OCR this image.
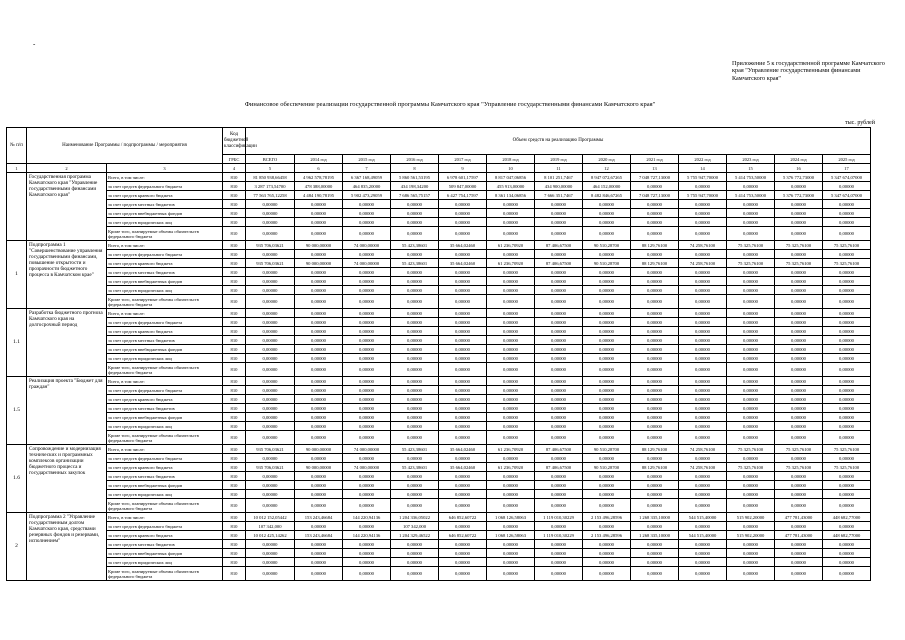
-
Приложение 5 к государственной программе Камчатского края "Управление государственными финансами Камчатского края"
Финансовое обеспечение реализации государственной программы Камчатского края "Управление государственными финансами Камчатского края"
тыс. рублей
№ п/п	Наименование Программы / подпрограммы / мероприятия		Код бюджетной классификации	Объем средств на реализацию Программы												
			ГРБС	ВСЕГО	2014 год	2015 год	2016 год	2017 год	2018 год	2019 год	2020 год	2021 год	2022 год	2023 год	2024 год	2025 год
1	2	3	4	5	6	7	8	9	10	11	12	13	14	15	16	17
	Государственная программа Камчатского края "Управление государственными финансами Камчатского края"	Всего, в том числе:	810	81 850 938,66458	4 962 578,78195	6 367 168,49059	5 860 561,53195	6 978 601,17597	8 817 047,06856	8 101 251,7467	8 947 072,67265	7 048 727,13000	5 755 947,70000	5 414 753,50000	5 376 772,73000	5 347 674,07000
		за счет средств федерального бюджета	810	3 287 173,54700	478 388,00000	464 835,20000	434 198,34200	509 847,00000	455 913,00000	434 900,00000	464 152,00000	0,00000	0,00000	0,00000	0,00000	0,00000
		за счет средств краевого бюджета	810	77 563 765,12258	4 484 190,78195	5 902 473,29059	7 686 565,75157	6 427 754,17597	8 361 134,06856	7 666 351,7467	8 482 846,67265	7 048 727,13000	5 755 947,70000	5 414 753,50000	5 376 772,73000	5 347 674,07000
		за счет средств местных бюджетов	810	0,00000	0,00000	0,00000	0,00000	0,00000	0,00000	0,00000	0,00000	0,00000	0,00000	0,00000	0,00000	0,00000
		за счет средств внебюджетных фондов	810	0,00000	0,00000	0,00000	0,00000	0,00000	0,00000	0,00000	0,00000	0,00000	0,00000	0,00000	0,00000	0,00000
		за счет средств юридических лиц	810	0,00000	0,00000	0,00000	0,00000	0,00000	0,00000	0,00000	0,00000	0,00000	0,00000	0,00000	0,00000	0,00000
		Кроме того, планируемые объемы обязательств федерального бюджета	810	0,00000	0,00000	0,00000	0,00000	0,00000	0,00000	0,00000	0,00000	0,00000	0,00000	0,00000	0,00000	0,00000
1	Подпрограмма 1 "Совершенствование управления государственными финансами, повышение открытости и прозрачности бюджетного процесса в Камчатском крае"	Всего, в том числе:	810	935 706,03621	90 000,00000	74 000,00000	55 423,38601	35 664,02460	61 236,70920	87 406,67500	90 510,28700	88 129,76100	74 258,76100	75 325,76100	75 325,76100	75 325,76100
		за счет средств федерального бюджета	810	0,00000	0,00000	0,00000	0,00000	0,00000	0,00000	0,00000	0,00000	0,00000	0,00000	0,00000	0,00000	0,00000
		за счет средств краевого бюджета	810	935 706,03621	90 000,00000	74 000,00000	55 423,38601	35 664,02460	61 236,70920	87 406,67500	90 510,28700	88 129,76100	74 258,76100	75 325,76100	75 325,76100	75 325,76100
		за счет средств местных бюджетов	810	0,00000	0,00000	0,00000	0,00000	0,00000	0,00000	0,00000	0,00000	0,00000	0,00000	0,00000	0,00000	0,00000
		за счет средств внебюджетных фондов	810	0,00000	0,00000	0,00000	0,00000	0,00000	0,00000	0,00000	0,00000	0,00000	0,00000	0,00000	0,00000	0,00000
		за счет средств юридических лиц	810	0,00000	0,00000	0,00000	0,00000	0,00000	0,00000	0,00000	0,00000	0,00000	0,00000	0,00000	0,00000	0,00000
		Кроме того, планируемые объемы обязательств федерального бюджета	810	0,00000	0,00000	0,00000	0,00000	0,00000	0,00000	0,00000	0,00000	0,00000	0,00000	0,00000	0,00000	0,00000
1.1	Разработка бюджетного прогноза Камчатского края на долгосрочный период	Всего, в том числе:	810	0,00000	0,00000	0,00000	0,00000	0,00000	0,00000	0,00000	0,00000	0,00000	0,00000	0,00000	0,00000	0,00000
		за счет средств федерального бюджета	810	0,00000	0,00000	0,00000	0,00000	0,00000	0,00000	0,00000	0,00000	0,00000	0,00000	0,00000	0,00000	0,00000
		за счет средств краевого бюджета	810	0,00000	0,00000	0,00000	0,00000	0,00000	0,00000	0,00000	0,00000	0,00000	0,00000	0,00000	0,00000	0,00000
		за счет средств местных бюджетов	810	0,00000	0,00000	0,00000	0,00000	0,00000	0,00000	0,00000	0,00000	0,00000	0,00000	0,00000	0,00000	0,00000
		за счет средств внебюджетных фондов	810	0,00000	0,00000	0,00000	0,00000	0,00000	0,00000	0,00000	0,00000	0,00000	0,00000	0,00000	0,00000	0,00000
		за счет средств юридических лиц	810	0,00000	0,00000	0,00000	0,00000	0,00000	0,00000	0,00000	0,00000	0,00000	0,00000	0,00000	0,00000	0,00000
		Кроме того, планируемые объемы обязательств федерального бюджета	810	0,00000	0,00000	0,00000	0,00000	0,00000	0,00000	0,00000	0,00000	0,00000	0,00000	0,00000	0,00000	0,00000
1.5	Реализация проекта "Бюджет для граждан"	Всего, в том числе:	810	0,00000	0,00000	0,00000	0,00000	0,00000	0,00000	0,00000	0,00000	0,00000	0,00000	0,00000	0,00000	0,00000
		за счет средств федерального бюджета	810	0,00000	0,00000	0,00000	0,00000	0,00000	0,00000	0,00000	0,00000	0,00000	0,00000	0,00000	0,00000	0,00000
		за счет средств краевого бюджета	810	0,00000	0,00000	0,00000	0,00000	0,00000	0,00000	0,00000	0,00000	0,00000	0,00000	0,00000	0,00000	0,00000
		за счет средств местных бюджетов	810	0,00000	0,00000	0,00000	0,00000	0,00000	0,00000	0,00000	0,00000	0,00000	0,00000	0,00000	0,00000	0,00000
		за счет средств внебюджетных фондов	810	0,00000	0,00000	0,00000	0,00000	0,00000	0,00000	0,00000	0,00000	0,00000	0,00000	0,00000	0,00000	0,00000
		за счет средств юридических лиц	810	0,00000	0,00000	0,00000	0,00000	0,00000	0,00000	0,00000	0,00000	0,00000	0,00000	0,00000	0,00000	0,00000
		Кроме того, планируемые объемы обязательств федерального бюджета	810	0,00000	0,00000	0,00000	0,00000	0,00000	0,00000	0,00000	0,00000	0,00000	0,00000	0,00000	0,00000	0,00000
1.6	Сопровождение и модернизация технических и программных комплексов организации бюджетного процесса и государственных закупок	Всего, в том числе:	810	935 706,03621	90 000,00000	74 000,00000	55 423,38601	35 664,02460	61 236,70920	87 406,67500	90 510,28700	88 129,76100	74 258,76100	75 325,76100	75 325,76100	75 325,76100
		за счет средств федерального бюджета	810	0,00000	0,00000	0,00000	0,00000	0,00000	0,00000	0,00000	0,00000	0,00000	0,00000	0,00000	0,00000	0,00000
		за счет средств краевого бюджета	810	935 706,03621	90 000,00000	74 000,00000	55 423,38601	35 664,02460	61 236,70920	87 406,67500	90 510,28700	88 129,76100	74 258,76100	75 325,76100	75 325,76100	75 325,76100
		за счет средств местных бюджетов	810	0,00000	0,00000	0,00000	0,00000	0,00000	0,00000	0,00000	0,00000	0,00000	0,00000	0,00000	0,00000	0,00000
		за счет средств внебюджетных фондов	810	0,00000	0,00000	0,00000	0,00000	0,00000	0,00000	0,00000	0,00000	0,00000	0,00000	0,00000	0,00000	0,00000
		за счет средств юридических лиц	810	0,00000	0,00000	0,00000	0,00000	0,00000	0,00000	0,00000	0,00000	0,00000	0,00000	0,00000	0,00000	0,00000
		Кроме того, планируемые объемы обязательств федерального бюджета	810	0,00000	0,00000	0,00000	0,00000	0,00000	0,00000	0,00000	0,00000	0,00000	0,00000	0,00000	0,00000	0,00000
2	Подпрограмма 2 "Управление государственным долгом Камчатского края, средствами резервных фондов и резервами, исполнением"	Всего, в том числе:	810	10 012 152,05442	153 243,46684	144 220,94136	1 204 336,05022	646 852,60722	1 068 126,58063	1 119 010,30229	2 153 496,28596	1 268 335,10000	544 515,40000	515 902,20000	477 781,43000	448 682,77000
		за счет средств федерального бюджета	810	107 342,000	0,00000	0,00000	107 342,000	0,00000	0,00000	0,00000	0,00000	0,00000	0,00000	0,00000	0,00000	0,00000
		за счет средств краевого бюджета	810	10 012 425,14262	153 243,46684	144 220,94136	1 204 329,46522	646 852,60722	1 068 126,58063	1 119 010,30229	2 153 496,28596	1 268 335,10000	544 515,40000	515 902,20000	477 781,43000	448 682,77000
		за счет средств местных бюджетов	810	0,00000	0,00000	0,00000	0,00000	0,00000	0,00000	0,00000	0,00000	0,00000	0,00000	0,00000	0,00000	0,00000
		за счет средств внебюджетных фондов	810	0,00000	0,00000	0,00000	0,00000	0,00000	0,00000	0,00000	0,00000	0,00000	0,00000	0,00000	0,00000	0,00000
		за счет средств юридических лиц	810	0,00000	0,00000	0,00000	0,00000	0,00000	0,00000	0,00000	0,00000	0,00000	0,00000	0,00000	0,00000	0,00000
		Кроме того, планируемые объемы обязательств федерального бюджета	810	0,00000	0,00000	0,00000	0,00000	0,00000	0,00000	0,00000	0,00000	0,00000	0,00000	0,00000	0,00000	0,00000
